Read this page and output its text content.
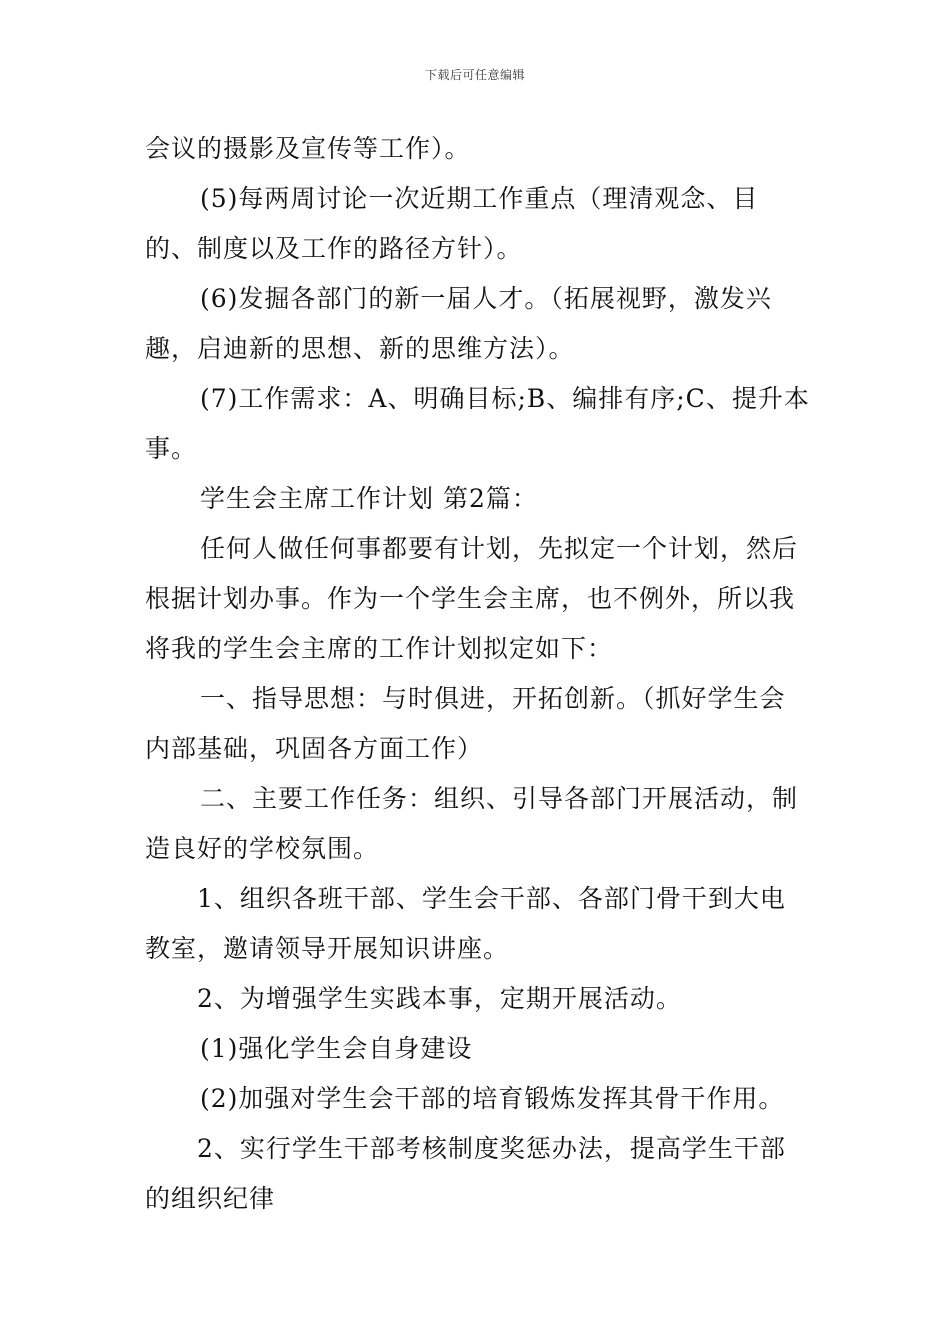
下载后可任意编辑

会议的摄影及宣传等工作）。

(5)每两周讨论一次近期工作重点（理清观念、目的、制度以及工作的路径方针）。

(6)发掘各部门的新一届人才。（拓展视野，激发兴趣，启迪新的思想、新的思维方法）。

(7)工作需求：A、明确目标;B、编排有序;C、提升本事。

学生会主席工作计划 第2篇：

任何人做任何事都要有计划，先拟定一个计划，然后根据计划办事。作为一个学生会主席，也不例外，所以我将我的学生会主席的工作计划拟定如下：

一、指导思想：与时俱进，开拓创新。（抓好学生会内部基础，巩固各方面工作）

二、主要工作任务：组织、引导各部门开展活动，制造良好的学校氛围。

1、组织各班干部、学生会干部、各部门骨干到大电教室，邀请领导开展知识讲座。

2、为增强学生实践本事，定期开展活动。

(1)强化学生会自身建设

(2)加强对学生会干部的培育锻炼发挥其骨干作用。

2、实行学生干部考核制度奖惩办法，提高学生干部的组织纪律
